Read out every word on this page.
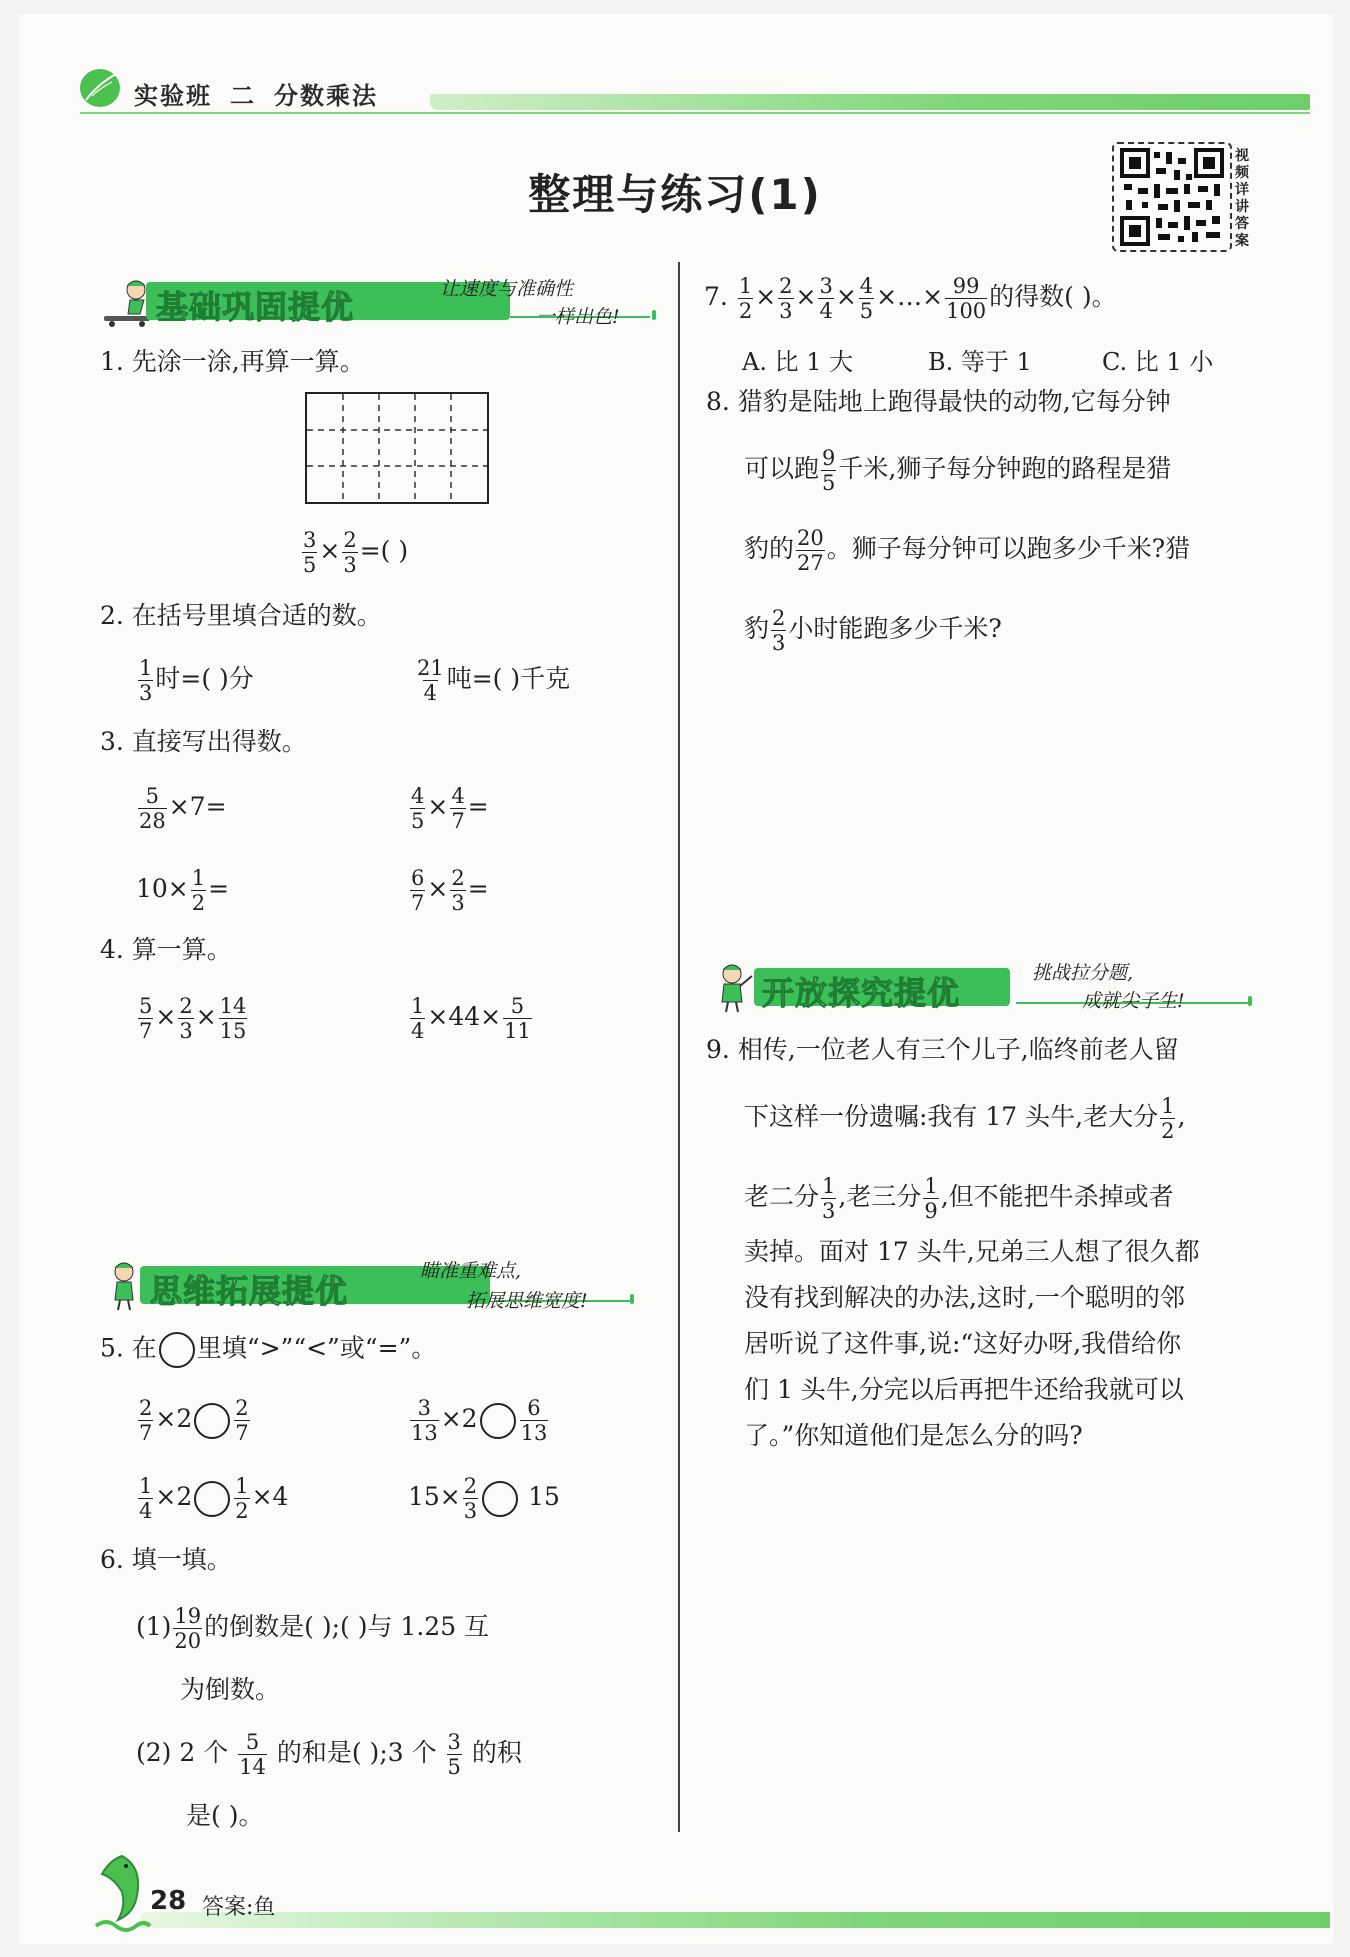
实验班 二 分数乘法
整理与练习(1)
视
频
详
讲
答
案
基础巩固提优	让速度与准确性
一样出色!
1. 先涂一涂,再算一算。
$\frac{3}{5} \times \frac{2}{3}$ =( )
2. 在括号里填合适的数。
$\frac{1}{3}$ 时=( )分	$\frac{21}{4}$ 吨=( )千克
3. 直接写出得数。
$\frac{5}{28} \times 7=$	$\frac{4}{5} \times \frac{4}{7}$ =
$10\times \frac{1}{2}$ =	$\frac{6}{7} \times \frac{2}{3}$ =
4. 算一算。
$\frac{5}{7} \times \frac{2}{3} \times \frac{14}{15}$	$\frac{1}{4} \times 44\times \frac{5}{11}$
思维拓展提优
瞄准重难点,
拓展思维宽度!
5. 在 里填“>”“<”或“=”。
$\frac{2}{7} \times 2 \frac{2}{7}$	$\frac{3}{13} \times 2 \frac{6}{13}$
$\frac{1}{4} \times 2 \frac{1}{2} \times 4$	$15\times \frac{2}{3} 15$
6. 填一填。
$(1) \frac{19}{20}$ 的倒数是( );( )与 1.25 互
为倒数。
(2) 2 个 $\frac{5}{14}$ 的和是( );3 个 $\frac{3}{5}$ 的积
是( )。
7. $\frac{1}{2} \times \frac{2}{3} \times \frac{3}{4} \times \frac{4}{5}$ ×…× $\frac{99}{100}$ 的得数( )。
A. 比 1 大	B. 等于 1	C. 比 1 小
8. 猎豹是陆地上跑得最快的动物,它每分钟
可以跑 $\frac{9}{5}$ 千米,狮子每分钟跑的路程是猎
豹的 $\frac{20}{27}$ 。狮子每分钟可以跑多少千米?猎
豹 $\frac{2}{3}$ 小时能跑多少千米?
开放探究提优
挑战拉分题,
成就尖子生!
9. 相传,一位老人有三个儿子,临终前老人留
下这样一份遗嘱:我有 17 头牛,老大分 $\frac{1}{2}$ ,
老二分 $\frac{1}{3}$ ,老三分 $\frac{1}{9}$ ,但不能把牛杀掉或者
卖掉。面对 17 头牛,兄弟三人想了很久都
没有找到解决的办法,这时,一个聪明的邻
居听说了这件事,说:“这好办呀,我借给你
们 1 头牛,分完以后再把牛还给我就可以
了。”你知道他们是怎么分的吗?
28 答案:鱼
